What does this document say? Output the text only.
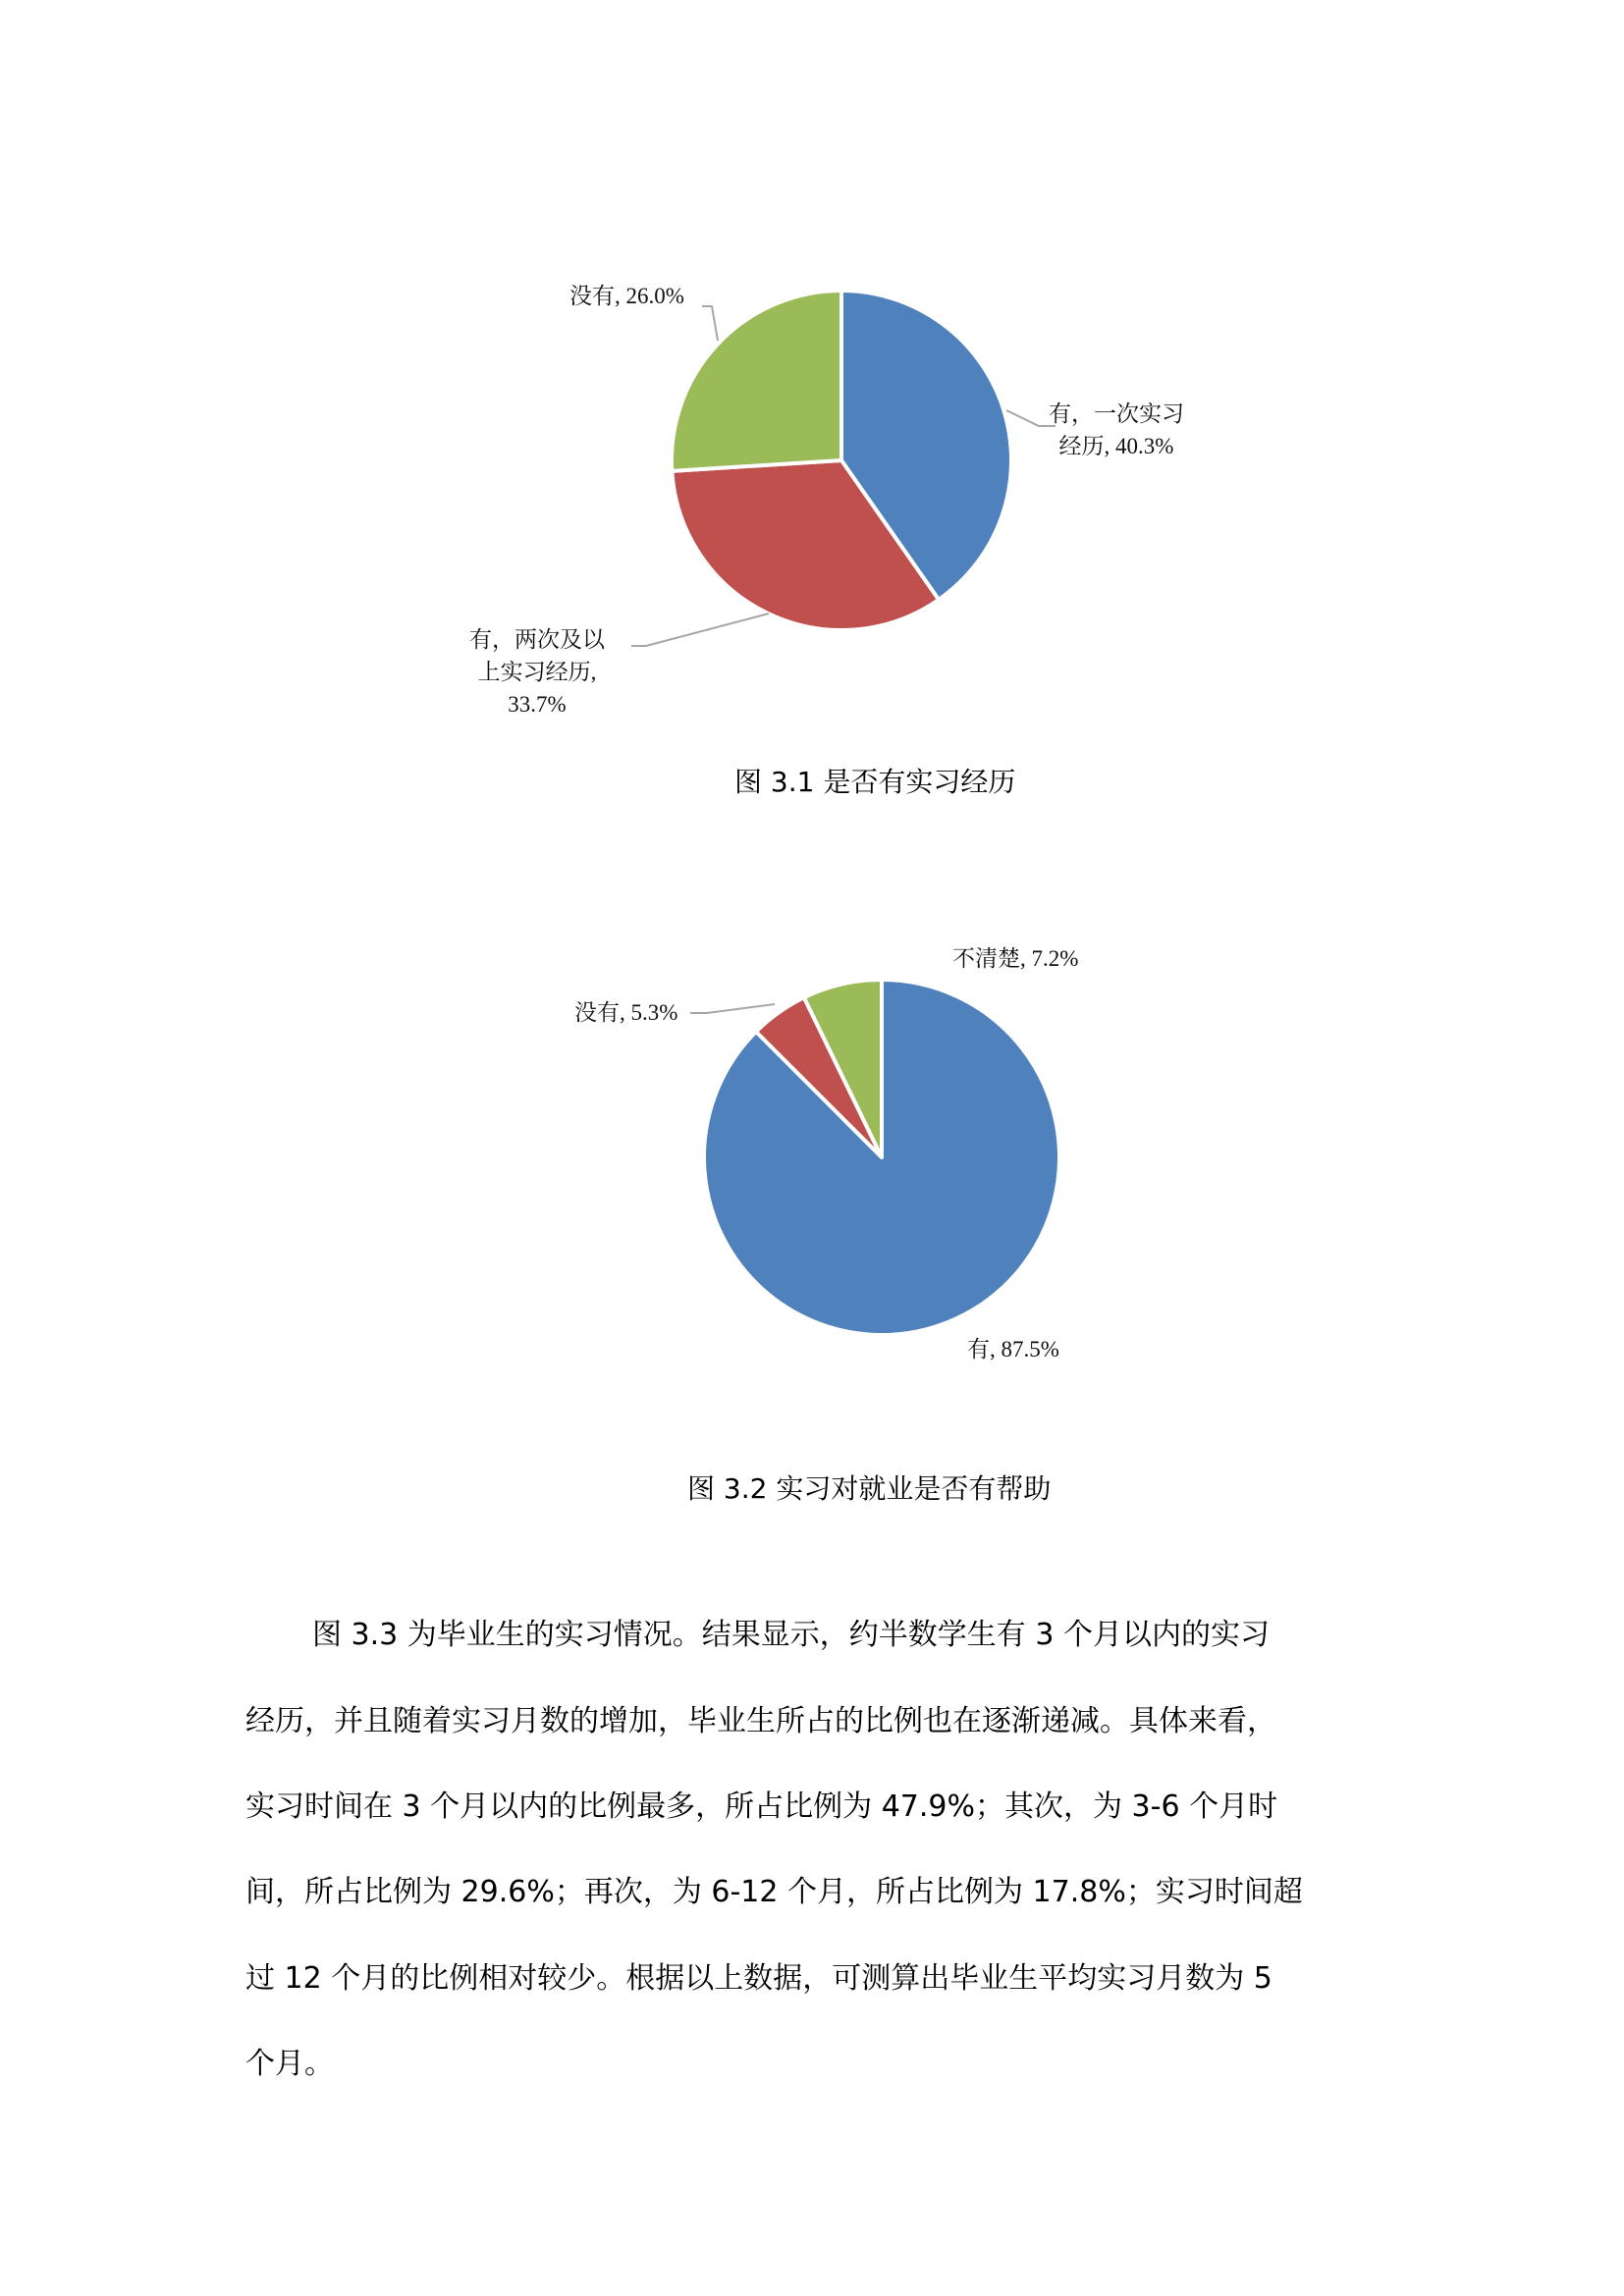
有，一次实习
经历, 40.3%
有，两次及以
上实习经历,
33.7%
没有, 26.0%
图 3.1 是否有实习经历
有, 87.5%
没有, 5.3%
不清楚, 7.2%
图 3.2 实习对就业是否有帮助
图 3.3 为毕业生的实习情况。结果显示，约半数学生有 3 个月以内的实习
经历，并且随着实习月数的增加，毕业生所占的比例也在逐渐递减。具体来看，
实习时间在 3 个月以内的比例最多，所占比例为 47.9%；其次，为 3-6 个月时
间，所占比例为 29.6%；再次，为 6-12 个月，所占比例为 17.8%；实习时间超
过 12 个月的比例相对较少。根据以上数据，可测算出毕业生平均实习月数为 5
个月。
